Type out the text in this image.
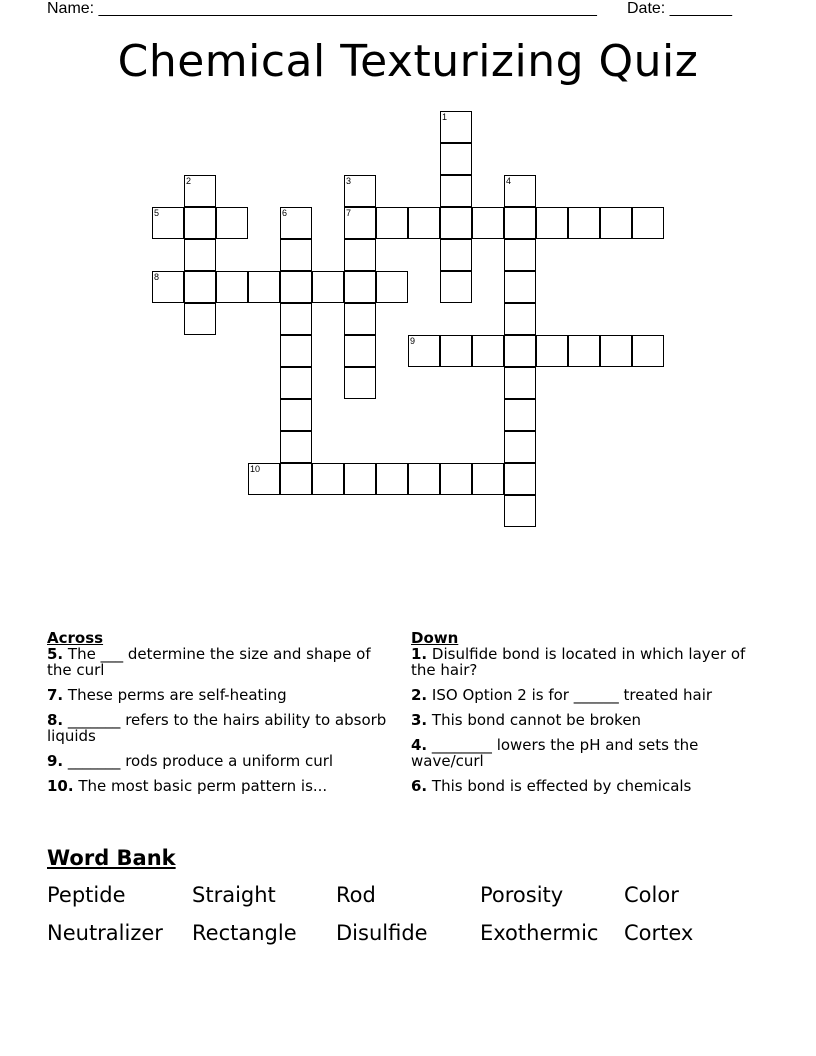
Name: ________________________________________________________ Date: _______
Chemical Texturizing Quiz
1
2	3
7
4
5	6
8
9
10
Across
5. The ___ determine the size and shape of the curl
7. These perms are self-heating
8. _______ refers to the hairs ability to absorb liquids
9. _______ rods produce a uniform curl
10. The most basic perm pattern is...
Down
1. Disulfide bond is located in which layer of the hair?
2. ISO Option 2 is for ______ treated hair
3. This bond cannot be broken
4. ________ lowers the pH and sets the wave/curl
6. This bond is effected by chemicals
Word Bank
Peptide	Straight	Rod	Porosity	Color
Neutralizer Rectangle Disulfide Exothermic Cortex
